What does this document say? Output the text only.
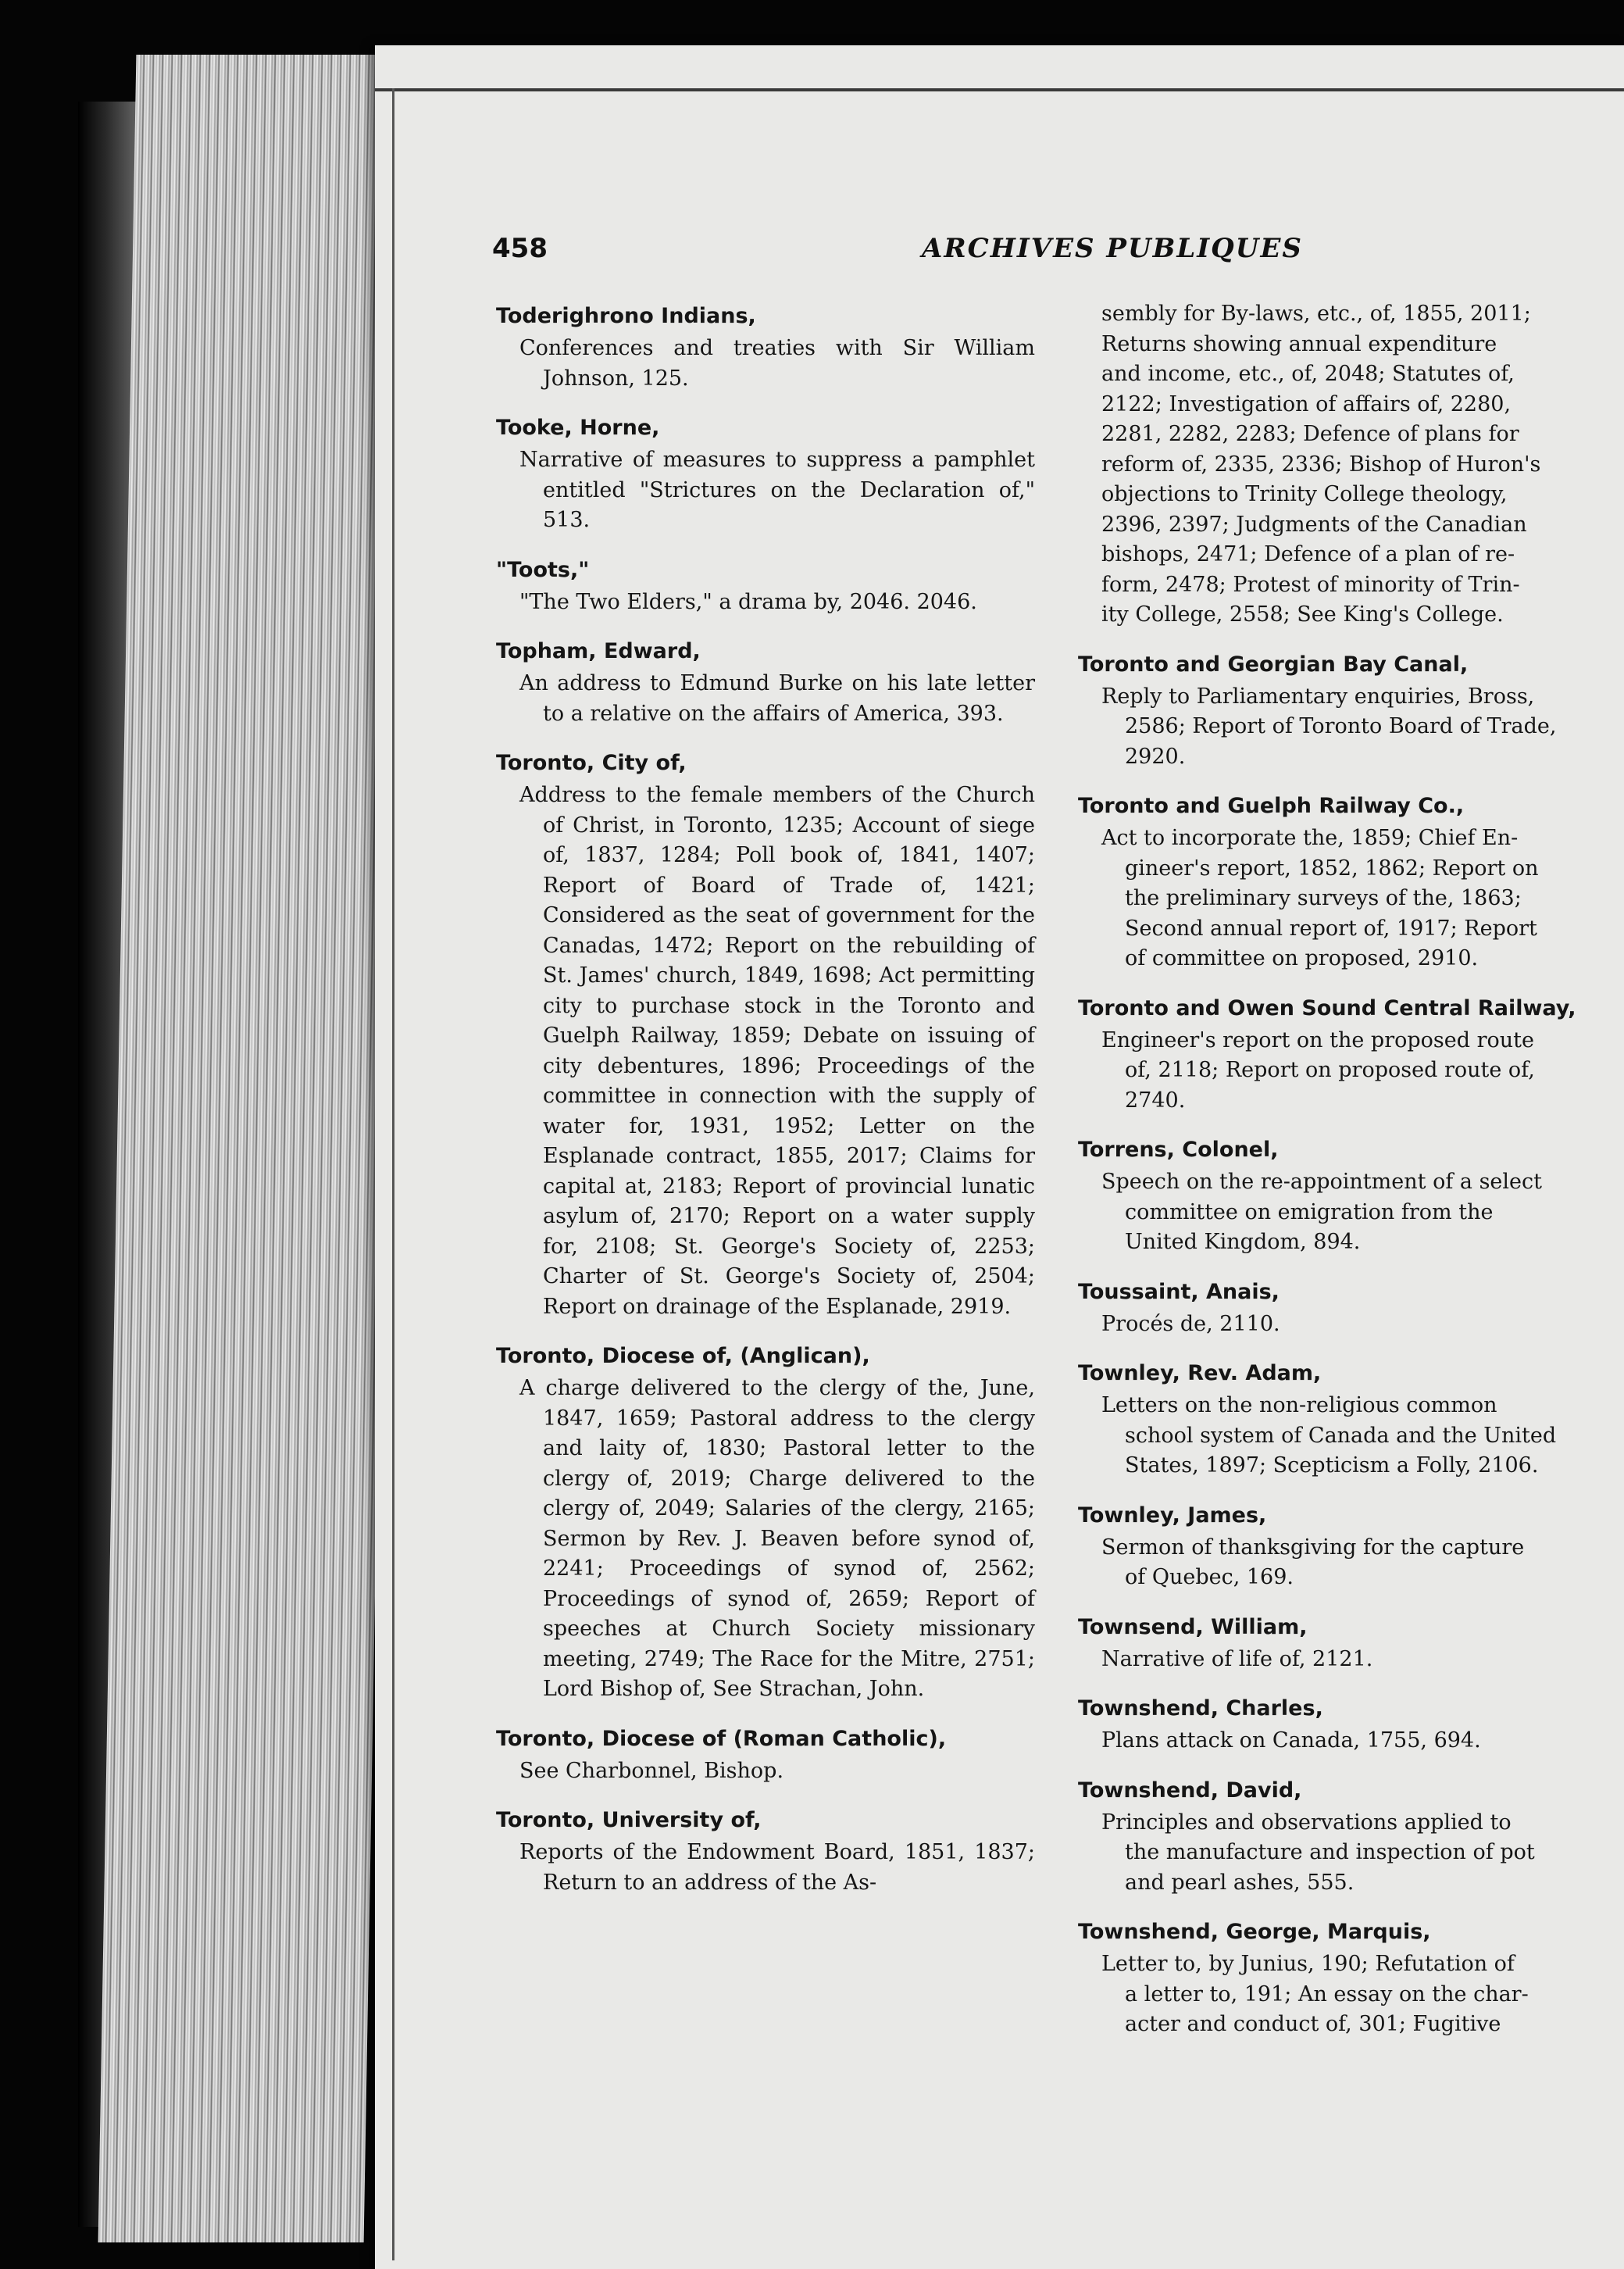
458	ARCHIVES PUBLIQUES
Toderighrono Indians,
Conferences and treaties with Sir William Johnson, 125.
Tooke, Horne,
Narrative of measures to suppress a pamphlet entitled "Strictures on the Declaration of," 513.
"Toots,"
"The Two Elders," a drama by, 2046. 2046.
Topham, Edward,
An address to Edmund Burke on his late letter to a relative on the affairs of America, 393.
Toronto, City of,
Address to the female members of the Church of Christ, in Toronto, 1235; Account of siege of, 1837, 1284; Poll book of, 1841, 1407; Report of Board of Trade of, 1421; Considered as the seat of government for the Canadas, 1472; Report on the rebuilding of St. James' church, 1849, 1698; Act permitting city to purchase stock in the Toronto and Guelph Railway, 1859; Debate on issuing of city debentures, 1896; Proceedings of the committee in connection with the supply of water for, 1931, 1952; Letter on the Esplanade contract, 1855, 2017; Claims for capital at, 2183; Report of provincial lunatic asylum of, 2170; Report on a water supply for, 2108; St. George's Society of, 2253; Charter of St. George's Society of, 2504; Report on drainage of the Esplanade, 2919.
Toronto, Diocese of, (Anglican),
A charge delivered to the clergy of the, June, 1847, 1659; Pastoral address to the clergy and laity of, 1830; Pastoral letter to the clergy of, 2019; Charge delivered to the clergy of, 2049; Salaries of the clergy, 2165; Sermon by Rev. J. Beaven before synod of, 2241; Proceedings of synod of, 2562; Proceedings of synod of, 2659; Report of speeches at Church Society missionary meeting, 2749; The Race for the Mitre, 2751; Lord Bishop of, See Strachan, John.
Toronto, Diocese of (Roman Catholic),
See Charbonnel, Bishop.
Toronto, University of,
Reports of the Endowment Board, 1851, 1837; Return to an address of the As-
sembly for By-laws, etc., of, 1855, 2011;
Returns showing annual expenditure
and income, etc., of, 2048; Statutes of,
2122; Investigation of affairs of, 2280,
2281, 2282, 2283; Defence of plans for
reform of, 2335, 2336; Bishop of Huron's
objections to Trinity College theology,
2396, 2397; Judgments of the Canadian
bishops, 2471; Defence of a plan of re-
form, 2478; Protest of minority of Trin-
ity College, 2558; See King's College.
Toronto and Georgian Bay Canal,
Reply to Parliamentary enquiries, Bross,
2586; Report of Toronto Board of Trade,
2920.
Toronto and Guelph Railway Co.,
Act to incorporate the, 1859; Chief En-
gineer's report, 1852, 1862; Report on
the preliminary surveys of the, 1863;
Second annual report of, 1917; Report
of committee on proposed, 2910.
Toronto and Owen Sound Central Railway,
Engineer's report on the proposed route
of, 2118; Report on proposed route of,
2740.
Torrens, Colonel,
Speech on the re-appointment of a select
committee on emigration from the
United Kingdom, 894.
Toussaint, Anais,
Procés de, 2110.
Townley, Rev. Adam,
Letters on the non-religious common
school system of Canada and the United
States, 1897; Scepticism a Folly, 2106.
Townley, James,
Sermon of thanksgiving for the capture
of Quebec, 169.
Townsend, William,
Narrative of life of, 2121.
Townshend, Charles,
Plans attack on Canada, 1755, 694.
Townshend, David,
Principles and observations applied to
the manufacture and inspection of pot
and pearl ashes, 555.
Townshend, George, Marquis,
Letter to, by Junius, 190; Refutation of
a letter to, 191; An essay on the char-
acter and conduct of, 301; Fugitive
